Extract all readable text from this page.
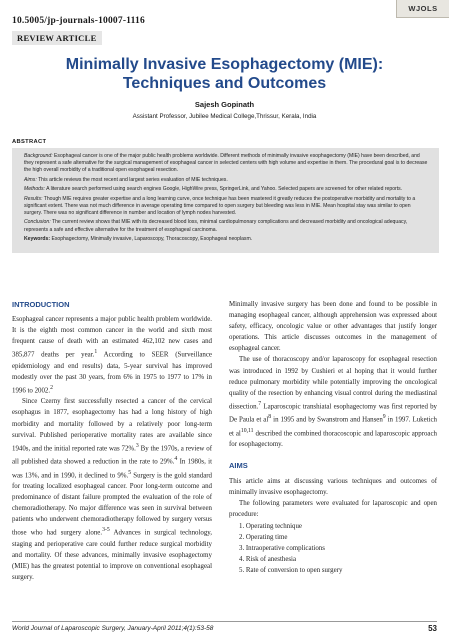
10.5005/jp-journals-10007-1116
WJOLS
REVIEW ARTICLE
Minimally Invasive Esophagectomy (MIE):
Techniques and Outcomes
Sajesh Gopinath
Assistant Professor, Jubilee Medical College,Thrissur, Kerala, India
ABSTRACT

Background: Esophageal cancer is one of the major public health problems worldwide. Different methods of minimally invasive esophagectomy (MIE) have been described, and they represent a safe alternative for the surgical management of esophageal cancer in selected centers with high volume and expertise in them. The procedural goal is to decrease the high overall morbidity of a traditional open esophageal resection.

Aims: This article reviews the most recent and largest series evaluation of MIE techniques.

Methods: A literature search performed using search engines Google, HighWire press, SpringerLink, and Yahoo. Selected papers are screened for other related reports.

Results: Though MIE requires greater expertise and a long learning curve, once technique has been mastered it greatly reduces the postoperative morbidity and mortality to a significant extent. There was not much difference in average operating time compared to open surgery but bleeding was less in MIE. Mean hospital stay was similar to open surgery. There was no significant difference in number and location of lymph nodes harvested.

Conclusion: The current review shows that MIE with its decreased blood loss, minimal cardiopulmonary complications and decreased morbidity and oncological adequacy, represents a safe and effective alternative for the treatment of esophageal carcinoma.

Keywords: Esophagectomy, Minimally invasive, Laparoscopy, Thoracoscopy, Esophageal neoplasm.

INTRODUCTION

Esophageal cancer represents a major public health problem worldwide. It is the eighth most common cancer in the world and sixth most frequent cause of death with an estimated 462,102 new cases and 385,877 deaths per year.$^1$ According to SEER (Surveillance epidemiology and end results) data, 5-year survival has improved modestly over the past 30 years, from 6% in 1975 to 1977 to 17% in 1996 to 2002.$^2$

Since Czerny first successfully resected a cancer of the cervical esophagus in 1877, esophagectomy has had a long history of high morbidity and mortality followed by a relatively poor long-term survival. Published perioperative mortality rates are available since 1940s, and the initial reported rate was 72%.$^3$ By the 1970s, a review of all published data showed a reduction in the rate to 29%.$^4$ In 1980s, it was 13%, and in 1990, it declined to 9%.$^5$ Surgery is the gold standard for treating localized esophageal cancer. Poor long-term outcome and predominance of distant failure prompted the evaluation of the role of chemoradiotherapy. No major difference was seen in survival between patients who underwent chemoradiotherapy followed by surgery versus those who had surgery alone.$^{3-5}$ Advances in surgical technology, staging and perioperative care could further reduce surgical morbidity and mortality. Of these advances, minimally invasive esophagectomy (MIE) has the greatest potential to improve on conventional esophageal surgery.

Minimally invasive surgery has been done and found to be possible in managing esophageal cancer, although apprehension was expressed about safety, efficacy, oncologic value or other advantages that justify longer operations. This article discusses outcomes in the management of esophageal cancer.

The use of thoracoscopy and/or laparoscopy for esophageal resection was introduced in 1992 by Cushieri et al hoping that it would further reduce pulmonary morbidity while potentially improving the oncological quality of the resection by enhancing visual control during the mediastinal dissection.$^7$ Laparoscopic transhiatal esophagectomy was first reported by De Paula et $al^8$ in 1995 and by Swanstrom and Hansen$^9$ in 1997. Luketich et al$^{10,11}$ described the combined thoracoscopic and laparoscopic approach for esophagectomy.

AIMS

This article aims at discussing various techniques and outcomes of minimally invasive esophagectomy.

The following parameters were evaluated for laparoscopic and open procedure:

1. Operating technique
2. Operating time
3. Intraoperative complications
4. Risk of anesthesia
5. Rate of conversion to open surgery
World Journal of Laparoscopic Surgery, January-April 2011;4(1):53-58	53
